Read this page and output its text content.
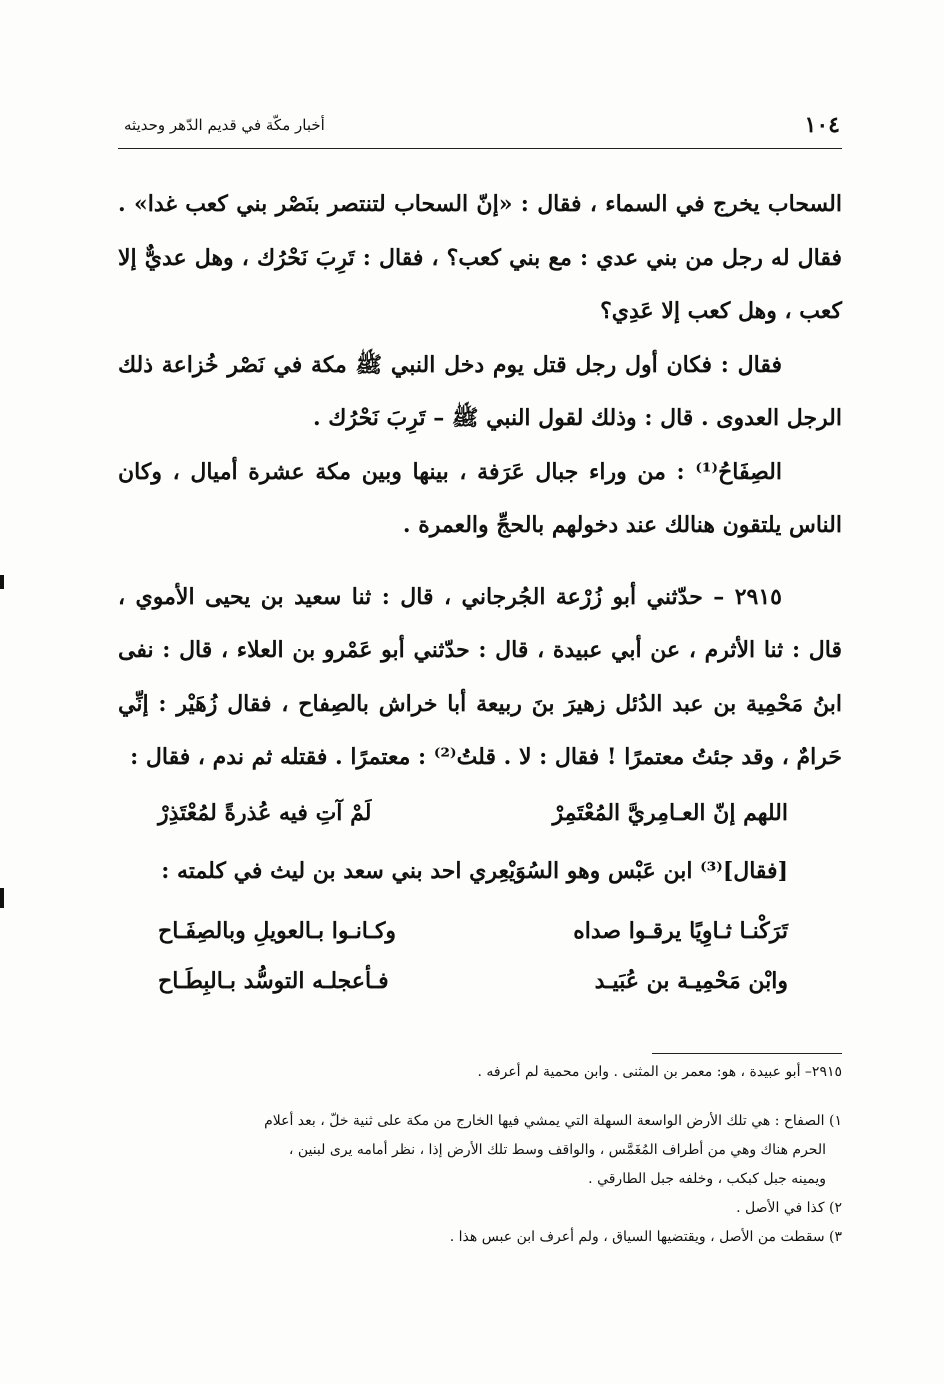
١٠٤
أخبار مكّة في قديم الدّهر وحديثه

السحاب يخرج في السماء ، فقال : «إنّ السحاب لتنتصر بنَصْر بني كعب غدا» . فقال له رجل من بني عدي : مع بني كعب؟ ، فقال : تَرِبَ نَحْرُك ، وهل عديٌّ إلا كعب ، وهل كعب إلا عَدِي؟

فقال : فكان أول رجل قتل يوم دخل النبي ﷺ مكة في نَصْر خُزاعة ذلك الرجل العدوى . قال : وذلك لقول النبي ﷺ – تَرِبَ نَحْرُك .

الصِفَاحُ⁽¹⁾ : من وراء جبال عَرَفة ، بينها وبين مكة عشرة أميال ، وكان الناس يلتقون هنالك عند دخولهم بالحجِّ والعمرة .

٢٩١٥ – حدّثني أبو زُرْعة الجُرجاني ، قال : ثنا سعيد بن يحيى الأموي ، قال : ثنا الأثرم ، عن أبي عبيدة ، قال : حدّثني أبو عَمْرو بن العلاء ، قال : نفى ابنُ مَحْمِية بن عبد الدُئل زهيرَ بنَ ربيعة أبا خراش بالصِفاح ، فقال زُهَيْر : إنِّي حَرامٌ ، وقد جئتُ معتمرًا ! فقال : لا . قلتُ⁽²⁾ : معتمرًا . فقتله ثم ندم ، فقال :

اللهم إنّ العـامِريَّ المُعْتَمِرْ
لَمْ آتِ فيه عُذرةً لمُعْتَذِرْ
[فقال]⁽³⁾ ابن عَبْس وهو السُوَيْعِري احد بني سعد بن ليث في كلمته :
تَرَكْنـا ثـاوِيًا يرقـوا صداه
وكـانـوا بـالعويلِ وبالصِفَـاح
وابْن مَحْمِيـة بن عُبَيـد
فـأعجلـه التوسُّد بـالبِطَـاح

٢٩١٥– أبو عبيدة ، هو: معمر بن المثنى . وابن محمية لم أعرفه .

١) الصفاح : هي تلك الأرض الواسعة السهلة التي يمشي فيها الخارج من مكة على ثنية خلّ ، بعد أعلام

الحرم هناك وهي من أطراف المُغَمَّس ، والواقف وسط تلك الأرض إذا ، نظر أمامه يرى لبنين ،

ويمينه جبل كبكب ، وخلفه جبل الطارقي .

٢) كذا في الأصل .

٣) سقطت من الأصل ، ويقتضيها السياق ، ولم أعرف ابن عبس هذا .
